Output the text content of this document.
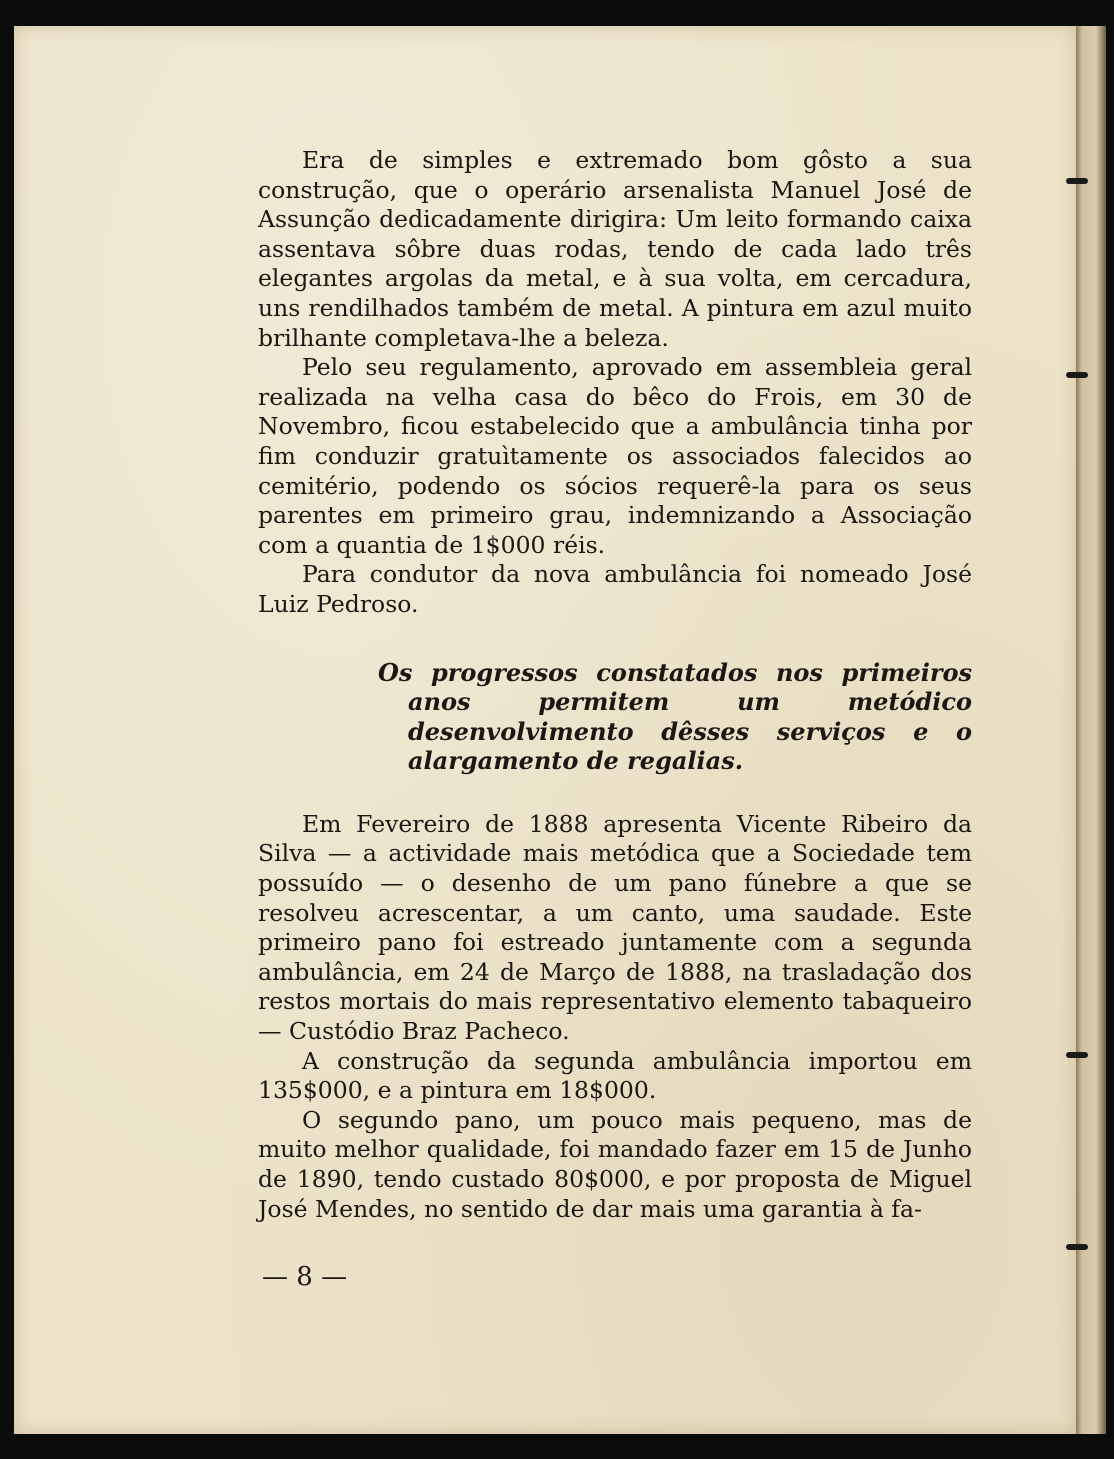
Era de simples e extremado bom gôsto a sua construção, que o operário arsenalista Manuel José de Assunção dedicadamente dirigira: Um leito formando caixa assentava sôbre duas rodas, tendo de cada lado três elegantes argolas da metal, e à sua volta, em cercadura, uns rendilhados também de metal. A pintura em azul muito brilhante completava-lhe a beleza.

Pelo seu regulamento, aprovado em assembleia geral realizada na velha casa do bêco do Frois, em 30 de Novembro, ficou estabelecido que a ambulância tinha por fim conduzir gratuìtamente os associados falecidos ao cemitério, podendo os sócios requerê-la para os seus parentes em primeiro grau, indemnizando a Associação com a quantia de 1$000 réis.

Para condutor da nova ambulância foi nomeado José Luiz Pedroso.

Os progressos constatados nos primeiros anos permitem um metódico desenvolvimento dêsses serviços e o alargamento de regalias.

Em Fevereiro de 1888 apresenta Vicente Ribeiro da Silva — a actividade mais metódica que a Sociedade tem possuído — o desenho de um pano fúnebre a que se resolveu acrescentar, a um canto, uma saudade. Este primeiro pano foi estreado juntamente com a segunda ambulância, em 24 de Março de 1888, na trasladação dos restos mortais do mais representativo elemento tabaqueiro — Custódio Braz Pacheco.

A construção da segunda ambulância importou em 135$000, e a pintura em 18$000.

O segundo pano, um pouco mais pequeno, mas de muito melhor qualidade, foi mandado fazer em 15 de Junho de 1890, tendo custado 80$000, e por proposta de Miguel José Mendes, no sentido de dar mais uma garantia à fa-

— 8 —
